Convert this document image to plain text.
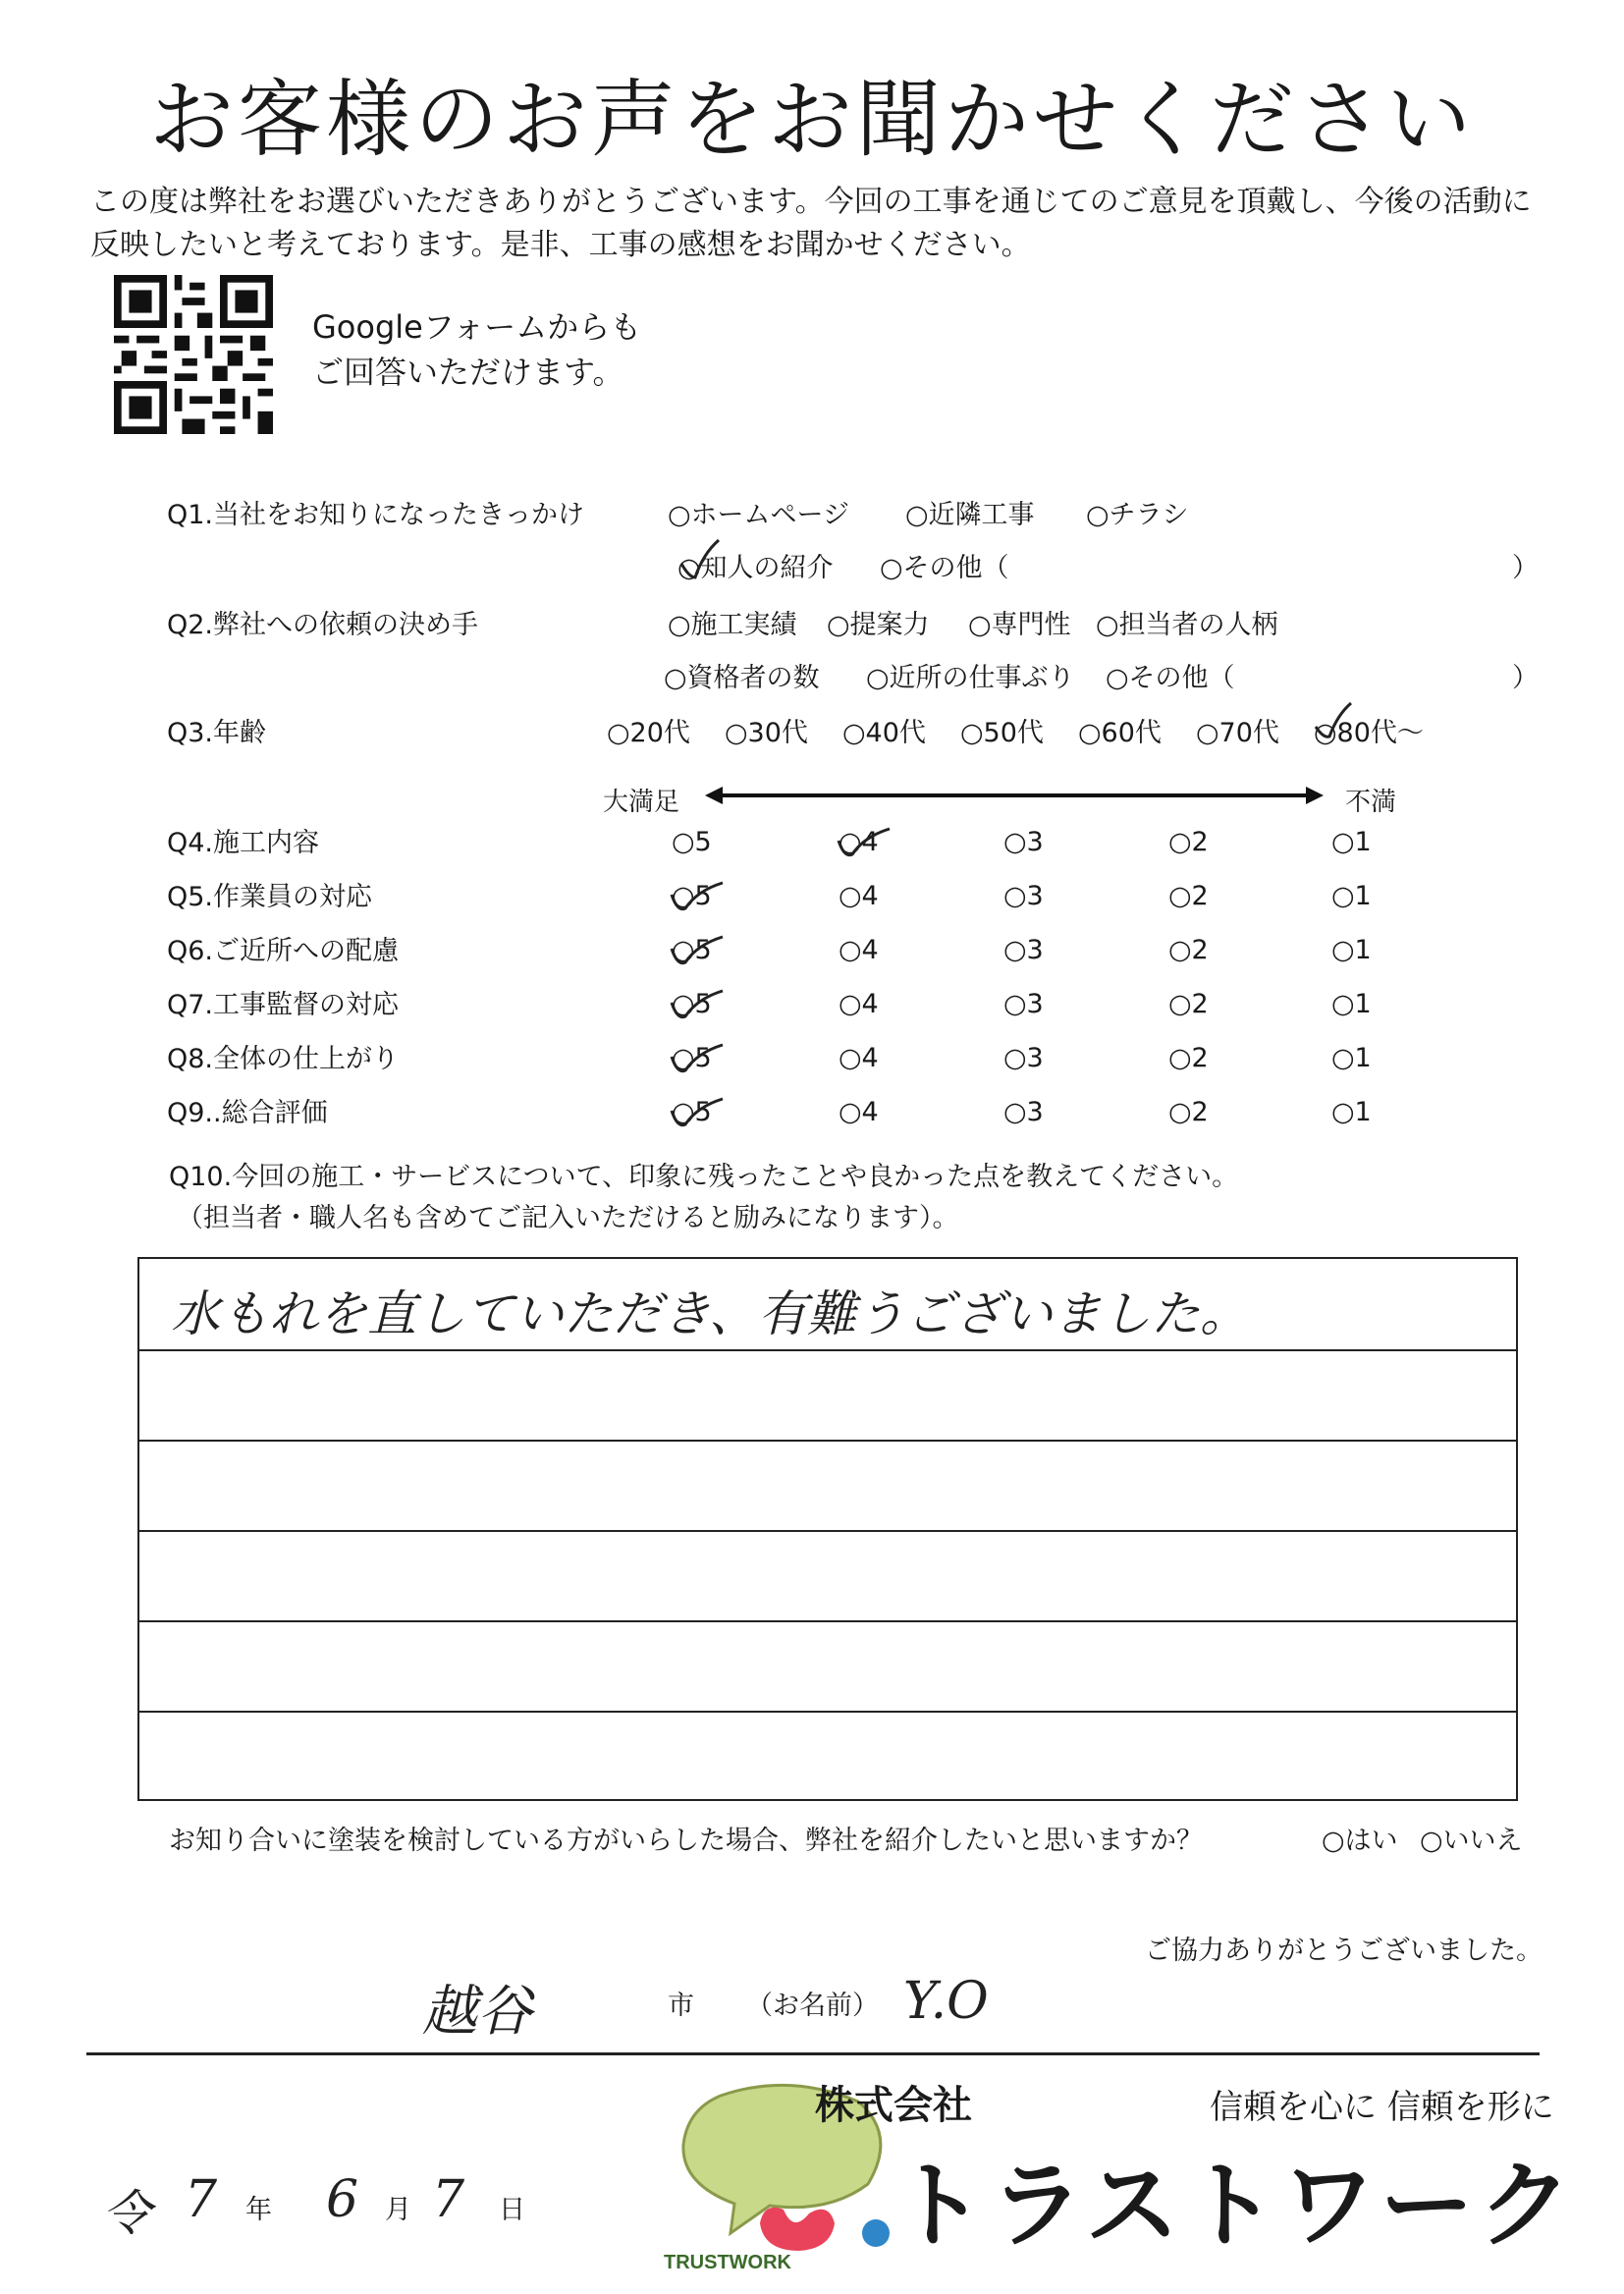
お客様のお声をお聞かせください
この度は弊社をお選びいただきありがとうございます。今回の工事を通じてのご意見を頂戴し、今後の活動に反映したいと考えております。是非、工事の感想をお聞かせください。
Googleフォームからも
ご回答いただけます。
Q1.当社をお知りになったきっかけ	○ホームページ ○近隣工事 ○チラシ
○知人の紹介 ○その他（	）
Q2.弊社への依頼の決め手	○施工実績 ○提案力 ○専門性 ○担当者の人柄
○資格者の数 ○近所の仕事ぶり ○その他（	）
Q3.年齢	○20代 ○30代 ○40代 ○50代 ○60代 ○70代 ○80代～
大満足	不満
Q4.施工内容	○5	○4	○3	○2	○1
Q5.作業員の対応	○5	○4	○3	○2	○1
Q6.ご近所への配慮	○5	○4	○3	○2	○1
Q7.工事監督の対応	○5	○4	○3	○2	○1
Q8.全体の仕上がり	○5	○4	○3	○2	○1
Q9..総合評価	○5	○4	○3	○2	○1
Q10.今回の施工・サービスについて、印象に残ったことや良かった点を教えてください。
（担当者・職人名も含めてご記入いただけると励みになります）。
水もれを直していただき、有難うございました。
お知り合いに塗装を検討している方がいらした場合、弊社を紹介したいと思いますか？	○はい ○いいえ
ご協力ありがとうございました。
越谷	市 （お名前） Y.O
令 7 年 6 月 7 日
TRUSTWORK
株式会社
トラストワーク
信頼を心に 信頼を形に
